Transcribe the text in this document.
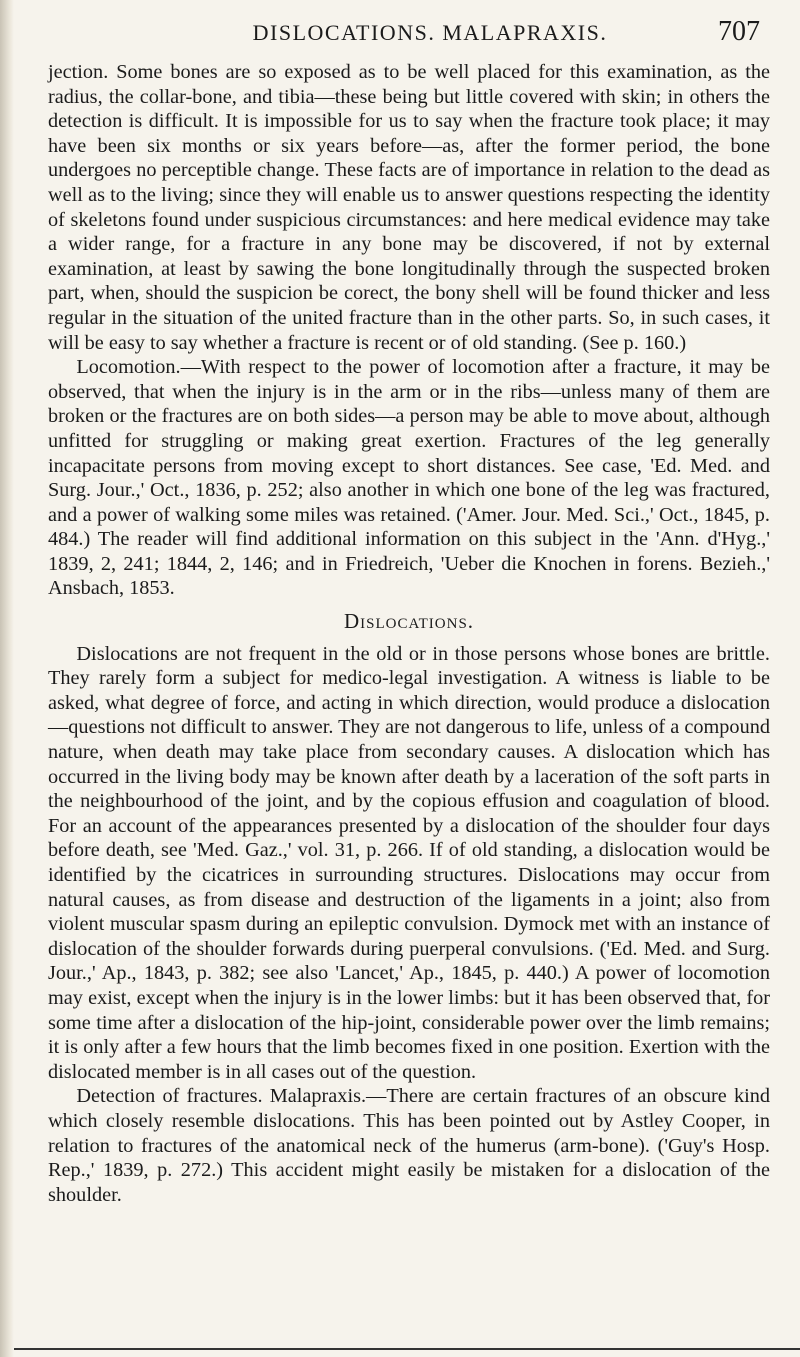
DISLOCATIONS. MALAPRAXIS.	707

jection. Some bones are so exposed as to be well placed for this examination, as the radius, the collar-bone, and tibia—these being but little covered with skin; in others the detection is difficult. It is impossible for us to say when the fracture took place; it may have been six months or six years before—as, after the former period, the bone undergoes no perceptible change. These facts are of importance in relation to the dead as well as to the living; since they will enable us to answer questions respecting the identity of skeletons found under suspicious circumstances: and here medical evidence may take a wider range, for a fracture in any bone may be discovered, if not by external examination, at least by sawing the bone longitudinally through the suspected broken part, when, should the suspicion be corect, the bony shell will be found thicker and less regular in the situation of the united fracture than in the other parts. So, in such cases, it will be easy to say whether a fracture is recent or of old standing. (See p. 160.)

Locomotion.—With respect to the power of locomotion after a fracture, it may be observed, that when the injury is in the arm or in the ribs—unless many of them are broken or the fractures are on both sides—a person may be able to move about, although unfitted for struggling or making great exertion. Fractures of the leg generally incapacitate persons from moving except to short distances. See case, 'Ed. Med. and Surg. Jour.,' Oct., 1836, p. 252; also another in which one bone of the leg was fractured, and a power of walking some miles was retained. ('Amer. Jour. Med. Sci.,' Oct., 1845, p. 484.) The reader will find additional information on this subject in the 'Ann. d'Hyg.,' 1839, 2, 241; 1844, 2, 146; and in Friedreich, 'Ueber die Knochen in forens. Bezieh.,' Ansbach, 1853.

Dislocations.

Dislocations are not frequent in the old or in those persons whose bones are brittle. They rarely form a subject for medico-legal investigation. A witness is liable to be asked, what degree of force, and acting in which direction, would produce a dislocation—questions not difficult to answer. They are not dangerous to life, unless of a compound nature, when death may take place from secondary causes. A dislocation which has occurred in the living body may be known after death by a laceration of the soft parts in the neighbourhood of the joint, and by the copious effusion and coagulation of blood. For an account of the appearances presented by a dislocation of the shoulder four days before death, see 'Med. Gaz.,' vol. 31, p. 266. If of old standing, a dislocation would be identified by the cicatrices in surrounding structures. Dislocations may occur from natural causes, as from disease and destruction of the ligaments in a joint; also from violent muscular spasm during an epileptic convulsion. Dymock met with an instance of dislocation of the shoulder forwards during puerperal convulsions. ('Ed. Med. and Surg. Jour.,' Ap., 1843, p. 382; see also 'Lancet,' Ap., 1845, p. 440.) A power of locomotion may exist, except when the injury is in the lower limbs: but it has been observed that, for some time after a dislocation of the hip-joint, considerable power over the limb remains; it is only after a few hours that the limb becomes fixed in one position. Exertion with the dislocated member is in all cases out of the question.

Detection of fractures. Malapraxis.—There are certain fractures of an obscure kind which closely resemble dislocations. This has been pointed out by Astley Cooper, in relation to fractures of the anatomical neck of the humerus (arm-bone). ('Guy's Hosp. Rep.,' 1839, p. 272.) This accident might easily be mistaken for a dislocation of the shoulder.
